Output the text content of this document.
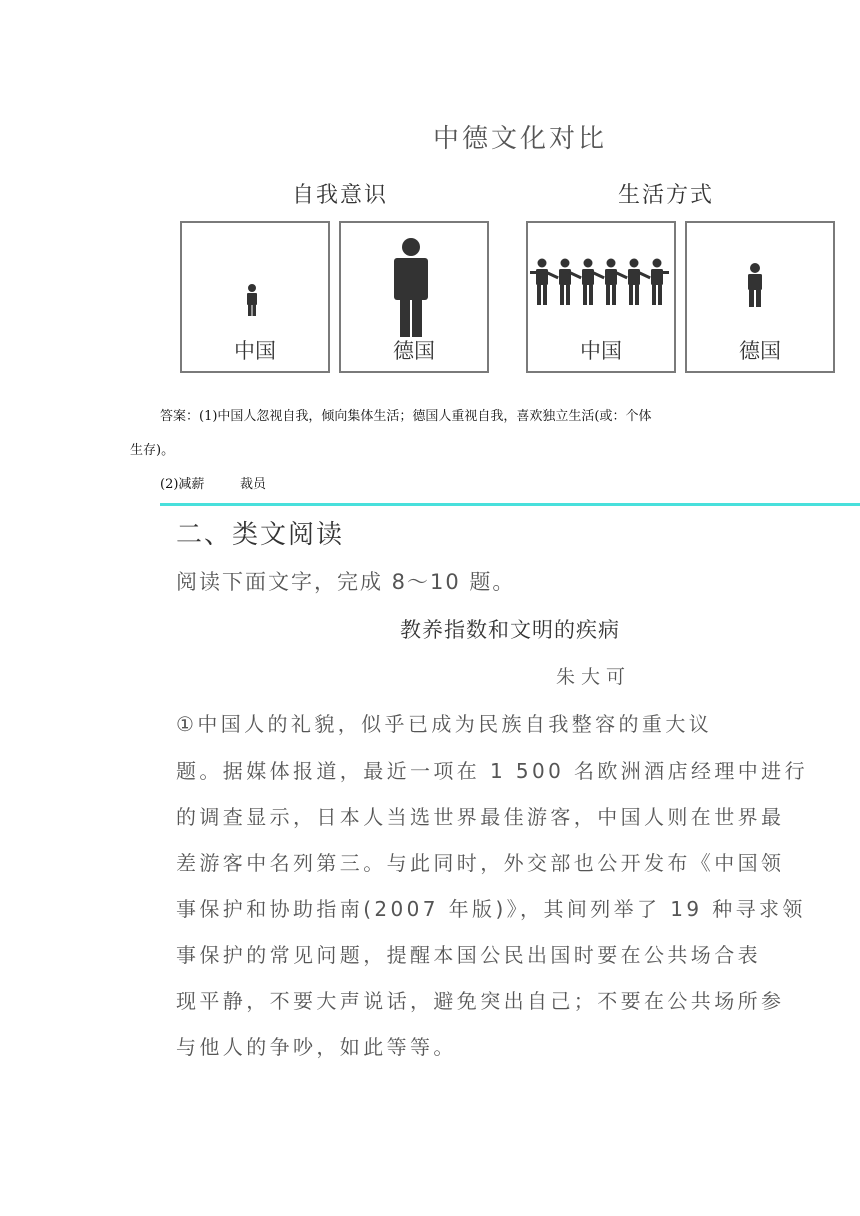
中德文化对比
自我意识	生活方式
中国	德国	中国	德国
答案：(1)中国人忽视自我，倾向集体生活；德国人重视自我，喜欢独立生活(或：个体
生存)。
(2)减薪	裁员
二、类文阅读
阅读下面文字，完成 8～10 题。
教养指数和文明的疾病
朱大可
①中国人的礼貌，似乎已成为民族自我整容的重大议
题。据媒体报道，最近一项在 1 500 名欧洲酒店经理中进行
的调查显示，日本人当选世界最佳游客，中国人则在世界最
差游客中名列第三。与此同时，外交部也公开发布《中国领
事保护和协助指南(2007 年版)》，其间列举了 19 种寻求领
事保护的常见问题，提醒本国公民出国时要在公共场合表
现平静，不要大声说话，避免突出自己；不要在公共场所参
与他人的争吵，如此等等。
